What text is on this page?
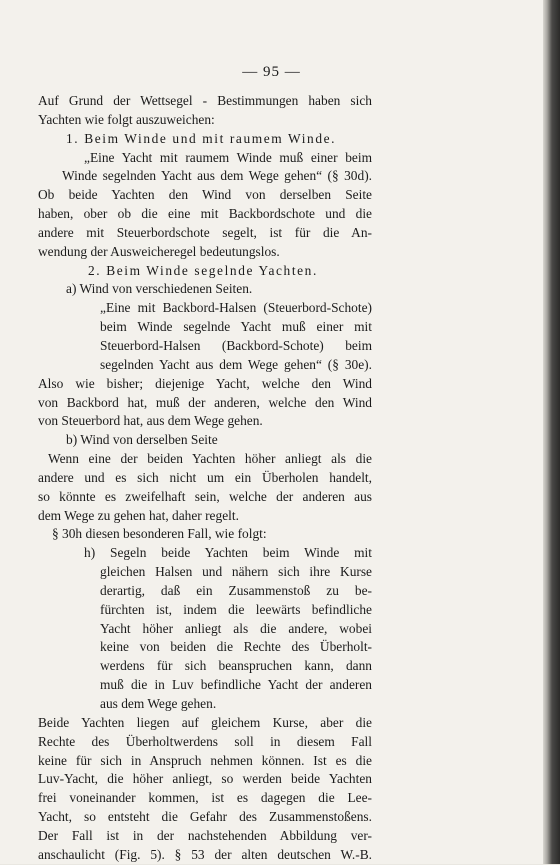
— 95 —
Auf Grund der Wettsegel - Bestimmungen haben sich
Yachten wie folgt auszuweichen:
1. Beim Winde und mit raumem Winde.
„Eine Yacht mit raumem Winde muß einer beim
Winde segelnden Yacht aus dem Wege gehen“ (§ 30d).
Ob beide Yachten den Wind von derselben Seite
haben, ober ob die eine mit Backbordschote und die
andere mit Steuerbordschote segelt, ist für die An-
wendung der Ausweicheregel bedeutungslos.
2. Beim Winde segelnde Yachten.
a) Wind von verschiedenen Seiten.
„Eine mit Backbord-Halsen (Steuerbord-Schote)
beim Winde segelnde Yacht muß einer mit
Steuerbord-Halsen (Backbord-Schote) beim
segelnden Yacht aus dem Wege gehen“ (§ 30e).
Also wie bisher; diejenige Yacht, welche den Wind
von Backbord hat, muß der anderen, welche den Wind
von Steuerbord hat, aus dem Wege gehen.
b) Wind von derselben Seite
Wenn eine der beiden Yachten höher anliegt als die
andere und es sich nicht um ein Überholen handelt,
so könnte es zweifelhaft sein, welche der anderen aus
dem Wege zu gehen hat, daher regelt.
§ 30h diesen besonderen Fall, wie folgt:
h) Segeln beide Yachten beim Winde mit
gleichen Halsen und nähern sich ihre Kurse
derartig, daß ein Zusammenstoß zu be-
fürchten ist, indem die leewärts befindliche
Yacht höher anliegt als die andere, wobei
keine von beiden die Rechte des Überholt-
werdens für sich beanspruchen kann, dann
muß die in Luv befindliche Yacht der anderen
aus dem Wege gehen.
Beide Yachten liegen auf gleichem Kurse, aber die
Rechte des Überholtwerdens soll in diesem Fall
keine für sich in Anspruch nehmen können. Ist es die
Luv-Yacht, die höher anliegt, so werden beide Yachten
frei voneinander kommen, ist es dagegen die Lee-
Yacht, so entsteht die Gefahr des Zusammenstoßens.
Der Fall ist in der nachstehenden Abbildung ver-
anschaulicht (Fig. 5). § 53 der alten deutschen W.-B.
